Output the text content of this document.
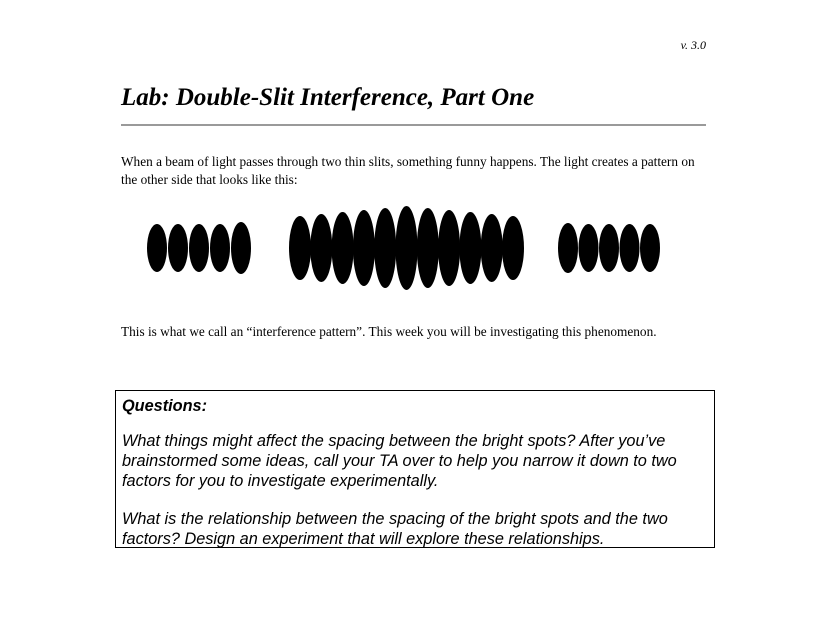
v. 3.0
Lab: Double-Slit Interference, Part One

When a beam of light passes through two thin slits, something funny happens. The light creates a pattern on the other side that looks like this:

This is what we call an “interference pattern”. This week you will be investigating this phenomenon.

Questions:

What things might affect the spacing between the bright spots? After you’ve brainstormed some ideas, call your TA over to help you narrow it down to two factors for you to investigate experimentally.

What is the relationship between the spacing of the bright spots and the two factors? Design an experiment that will explore these relationships.
